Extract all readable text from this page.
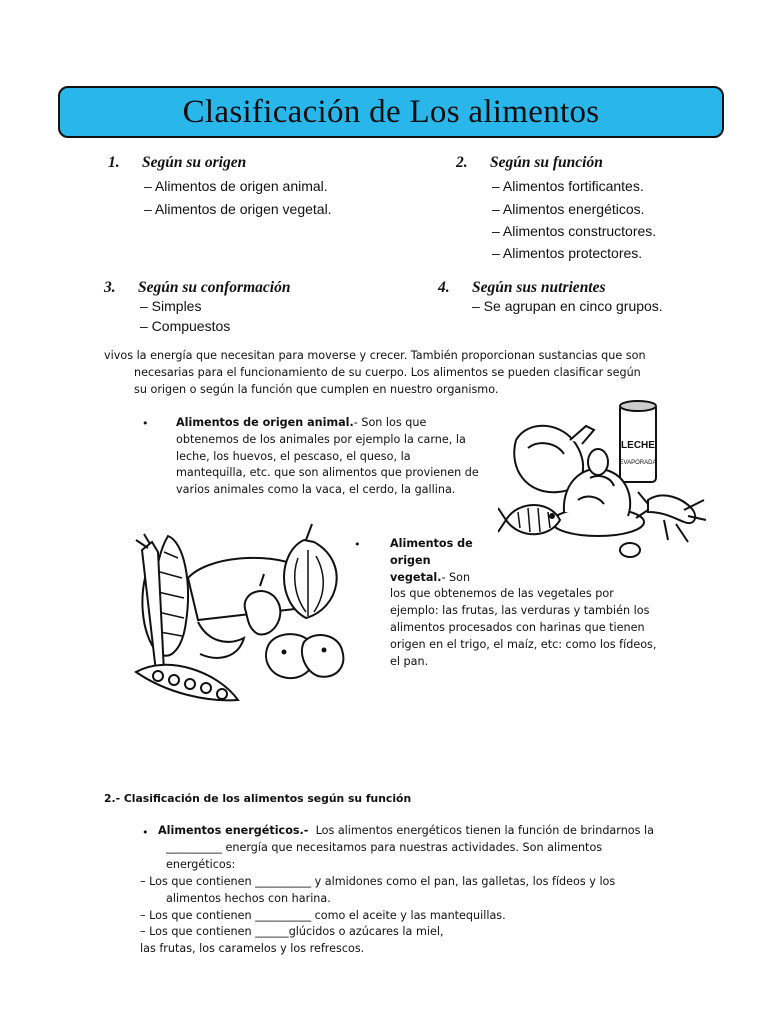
Clasificación de Los alimentos
1. Según su origen
– Alimentos de origen animal.
– Alimentos de origen vegetal.
2. Según su función
– Alimentos fortificantes.
– Alimentos energéticos.
– Alimentos constructores.
– Alimentos protectores.
3. Según su conformación
– Simples
– Compuestos
4. Según sus nutrientes
– Se agrupan en cinco grupos.
vivos la energía que necesitan para moverse y crecer. También proporcionan sustancias que son
necesarias para el funcionamiento de su cuerpo. Los alimentos se pueden clasificar según
su origen o según la función que cumplen en nuestro organismo.
• Alimentos de origen animal.- Son los que
obtenemos de los animales por ejemplo la carne, la
leche, los huevos, el pescaso, el queso, la
mantequilla, etc. que son alimentos que provienen de
varios animales como la vaca, el cerdo, la gallina.
LECHE
EVAPORADA
•	Alimentos de
origen
vegetal.- Son
los que obtenemos de las vegetales por
ejemplo: las frutas, las verduras y también los
alimentos procesados con harinas que tienen
origen en el trigo, el maíz, etc: como los fídeos,
el pan.
2.- Clasificación de los alimentos según su función
• Alimentos energéticos.- Los alimentos energéticos tienen la función de brindarnos la
__________ energía que necesitamos para nuestras actividades. Son alimentos
energéticos:
– Los que contienen __________ y almidones como el pan, las galletas, los fídeos y los
alimentos hechos con harina.
– Los que contienen __________ como el aceite y las mantequillas.
– Los que contienen ______glúcidos o azúcares la miel,
las frutas, los caramelos y los refrescos.
